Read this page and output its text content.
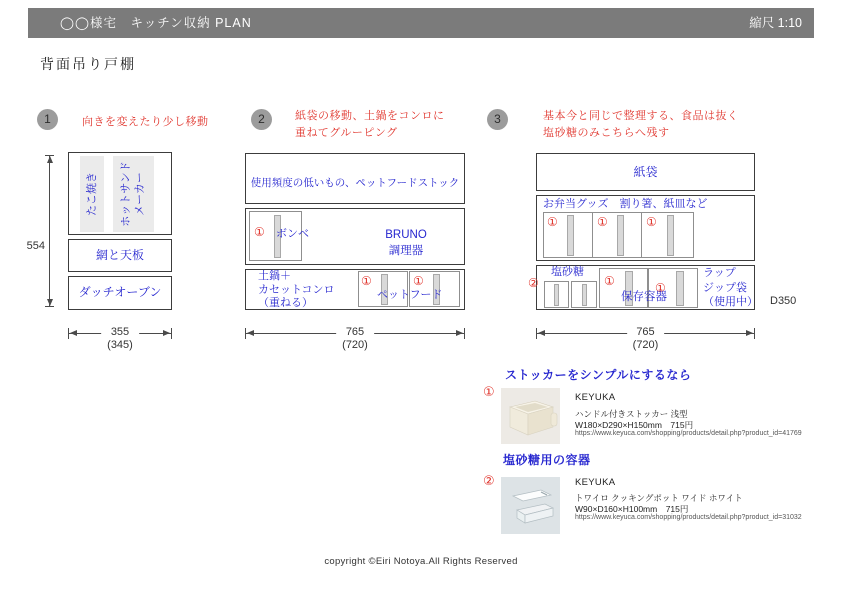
◯◯様宅　キッチン収納 PLAN	縮尺 1:10
背面吊り戸棚
1	向きを変えたり少し移動	2	紙袋の移動、土鍋をコンロに
重ねてグルーピング
3	基本今と同じで整理する、食品は抜く
塩砂糖のみこちらへ残す
たこ焼き ホットサンド メーカー
網と天板
ダッチオーブン
554
355
(345)
使用頻度の低いもの、ペットフードストック
① ボンベ	BRUNO
調理器
土鍋＋
カセットコンロ
（重ねる）
①	①
ペットフード
765
(720)
紙袋
お弁当グッズ　割り箸、紙皿など
①	①	①
塩砂糖
②	①	①
保存容器
ラップ
ジップ袋
（使用中）
765
(720)
D350
ストッカーをシンプルにするなら
①	KEYUKA
ハンドル付きストッカー 浅型
W180×D290×H150mm　715円
https://www.keyuca.com/shopping/products/detail.php?product_id=41769
塩砂糖用の容器
②	KEYUKA
トワイロ クッキングポット ワイド ホワイト
W90×D160×H100mm　715円
https://www.keyuca.com/shopping/products/detail.php?product_id=31032
copyright ©Eiri Notoya.All Rights Reserved
